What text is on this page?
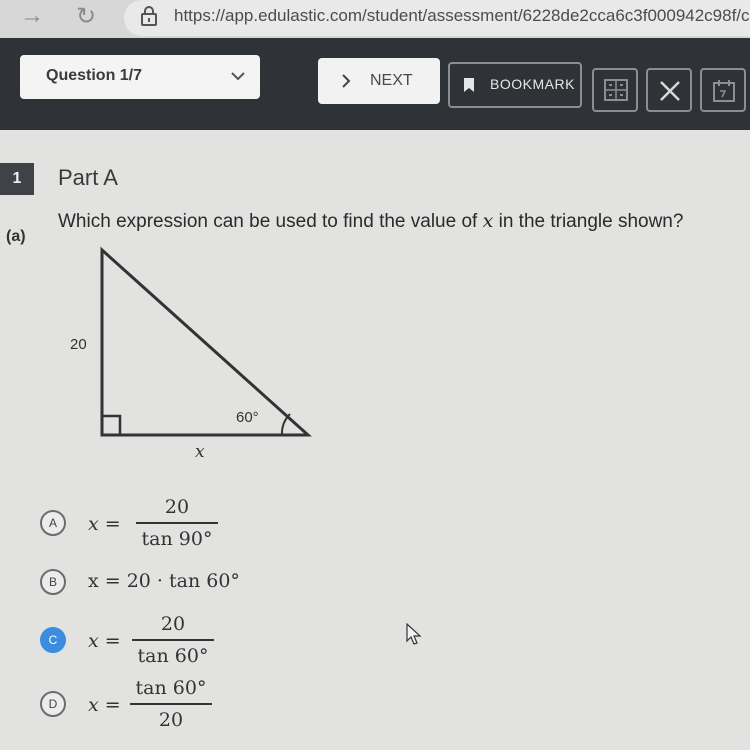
→ ↻	https://app.edulastic.com/student/assessment/6228de2cca6c3f000942c98f/c
Question 1/7	NEXT	BOOKMARK
1	Part A
(a)
Which expression can be used to find the value of x in the triangle shown?
20
60°
x
A	x =
20
tan 90°
B	x = 20 · tan 60°
C	x =
20
tan 60°
D	x =
tan 60°
20
